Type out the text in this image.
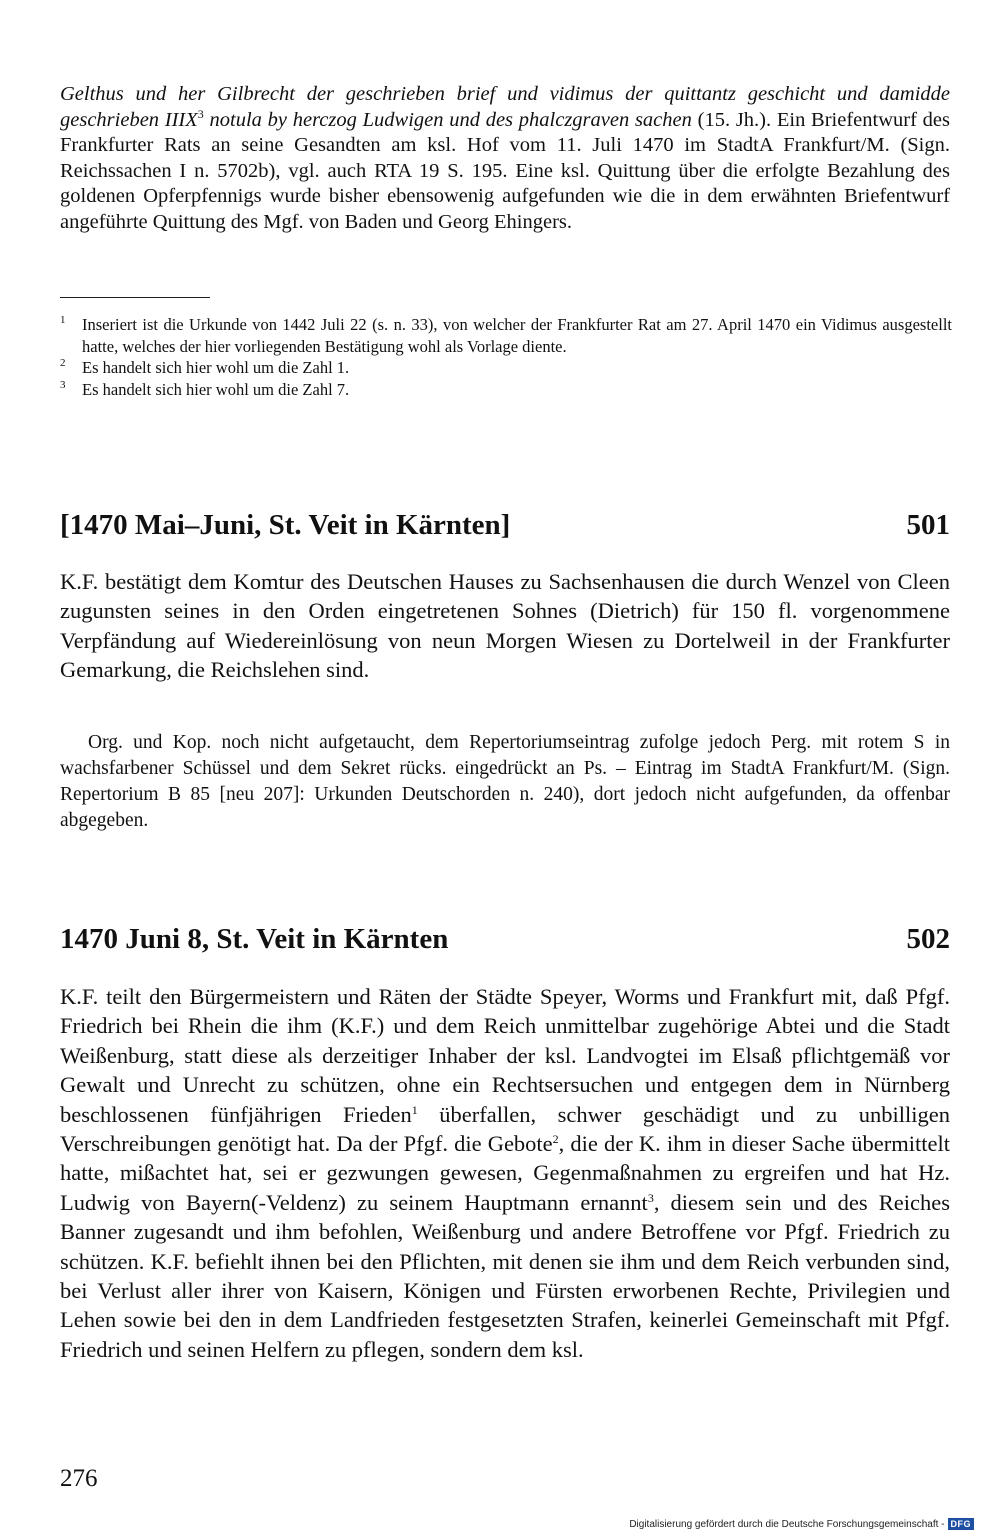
Gelthus und her Gilbrecht der geschrieben brief und vidimus der quittantz geschicht und damidde geschrieben IIIX$^3$ notula by herczog Ludwigen und des phalczgraven sachen (15. Jh.). Ein Briefentwurf des Frankfurter Rats an seine Gesandten am ksl. Hof vom 11. Juli 1470 im StadtA Frankfurt/M. (Sign. Reichssachen I n. 5702b), vgl. auch RTA 19 S. 195. Eine ksl. Quittung über die erfolgte Bezahlung des goldenen Opferpfennigs wurde bisher ebensowenig aufgefunden wie die in dem erwähnten Briefentwurf angeführte Quittung des Mgf. von Baden und Georg Ehingers.
1 Inseriert ist die Urkunde von 1442 Juli 22 (s. n. 33), von welcher der Frankfurter Rat am 27. April 1470 ein Vidimus ausgestellt hatte, welches der hier vorliegenden Bestätigung wohl als Vorlage diente.
2 Es handelt sich hier wohl um die Zahl 1.
3 Es handelt sich hier wohl um die Zahl 7.
[1470 Mai–Juni, St. Veit in Kärnten]	501
K.F. bestätigt dem Komtur des Deutschen Hauses zu Sachsenhausen die durch Wenzel von Cleen zugunsten seines in den Orden eingetretenen Sohnes (Dietrich) für 150 fl. vorgenommene Verpfändung auf Wiedereinlösung von neun Morgen Wiesen zu Dortelweil in der Frankfurter Gemarkung, die Reichslehen sind.
Org. und Kop. noch nicht aufgetaucht, dem Repertoriumseintrag zufolge jedoch Perg. mit rotem S in wachsfarbener Schüssel und dem Sekret rücks. eingedrückt an Ps. – Eintrag im StadtA Frankfurt/M. (Sign. Repertorium B 85 [neu 207]: Urkunden Deutschorden n. 240), dort jedoch nicht aufgefunden, da offenbar abgegeben.
1470 Juni 8, St. Veit in Kärnten	502
K.F. teilt den Bürgermeistern und Räten der Städte Speyer, Worms und Frankfurt mit, daß Pfgf. Friedrich bei Rhein die ihm (K.F.) und dem Reich unmittelbar zugehörige Abtei und die Stadt Weißenburg, statt diese als derzeitiger Inhaber der ksl. Landvogtei im Elsaß pflichtgemäß vor Gewalt und Unrecht zu schützen, ohne ein Rechtsersuchen und entgegen dem in Nürnberg beschlossenen fünfjährigen Frieden$^1$ überfallen, schwer geschädigt und zu unbilligen Verschreibungen genötigt hat. Da der Pfgf. die Gebote$^2$, die der K. ihm in dieser Sache übermittelt hatte, mißachtet hat, sei er gezwungen gewesen, Gegenmaßnahmen zu ergreifen und hat Hz. Ludwig von Bayern(-Veldenz) zu seinem Hauptmann ernannt$^3$, diesem sein und des Reiches Banner zugesandt und ihm befohlen, Weißenburg und andere Betroffene vor Pfgf. Friedrich zu schützen. K.F. befiehlt ihnen bei den Pflichten, mit denen sie ihm und dem Reich verbunden sind, bei Verlust aller ihrer von Kaisern, Königen und Fürsten erworbenen Rechte, Privilegien und Lehen sowie bei den in dem Landfrieden festgesetzten Strafen, keinerlei Gemeinschaft mit Pfgf. Friedrich und seinen Helfern zu pflegen, sondern dem ksl.
276
Digitalisierung gefördert durch die Deutsche Forschungsgemeinschaft - DFG
